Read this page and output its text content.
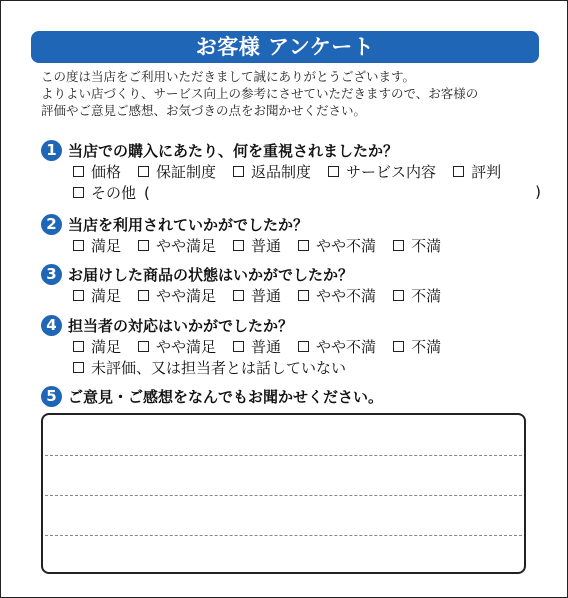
お客様 アンケート
この度は当店をご利用いただきまして誠にありがとうございます。
よりよい店づくり、サービス向上の参考にさせていただきますので、お客様の
評価やご意見ご感想、お気づきの点をお聞かせください。
1 当店での購入にあたり、何を重視されましたか？
価格 保証制度 返品制度 サービス内容 評判
その他 (	)
2 当店を利用されていかがでしたか？
満足 やや満足 普通 やや不満 不満
3 お届けした商品の状態はいかがでしたか？
満足 やや満足 普通 やや不満 不満
4 担当者の対応はいかがでしたか？
満足 やや満足 普通 やや不満 不満
未評価、又は担当者とは話していない
5 ご意見・ご感想をなんでもお聞かせください。
